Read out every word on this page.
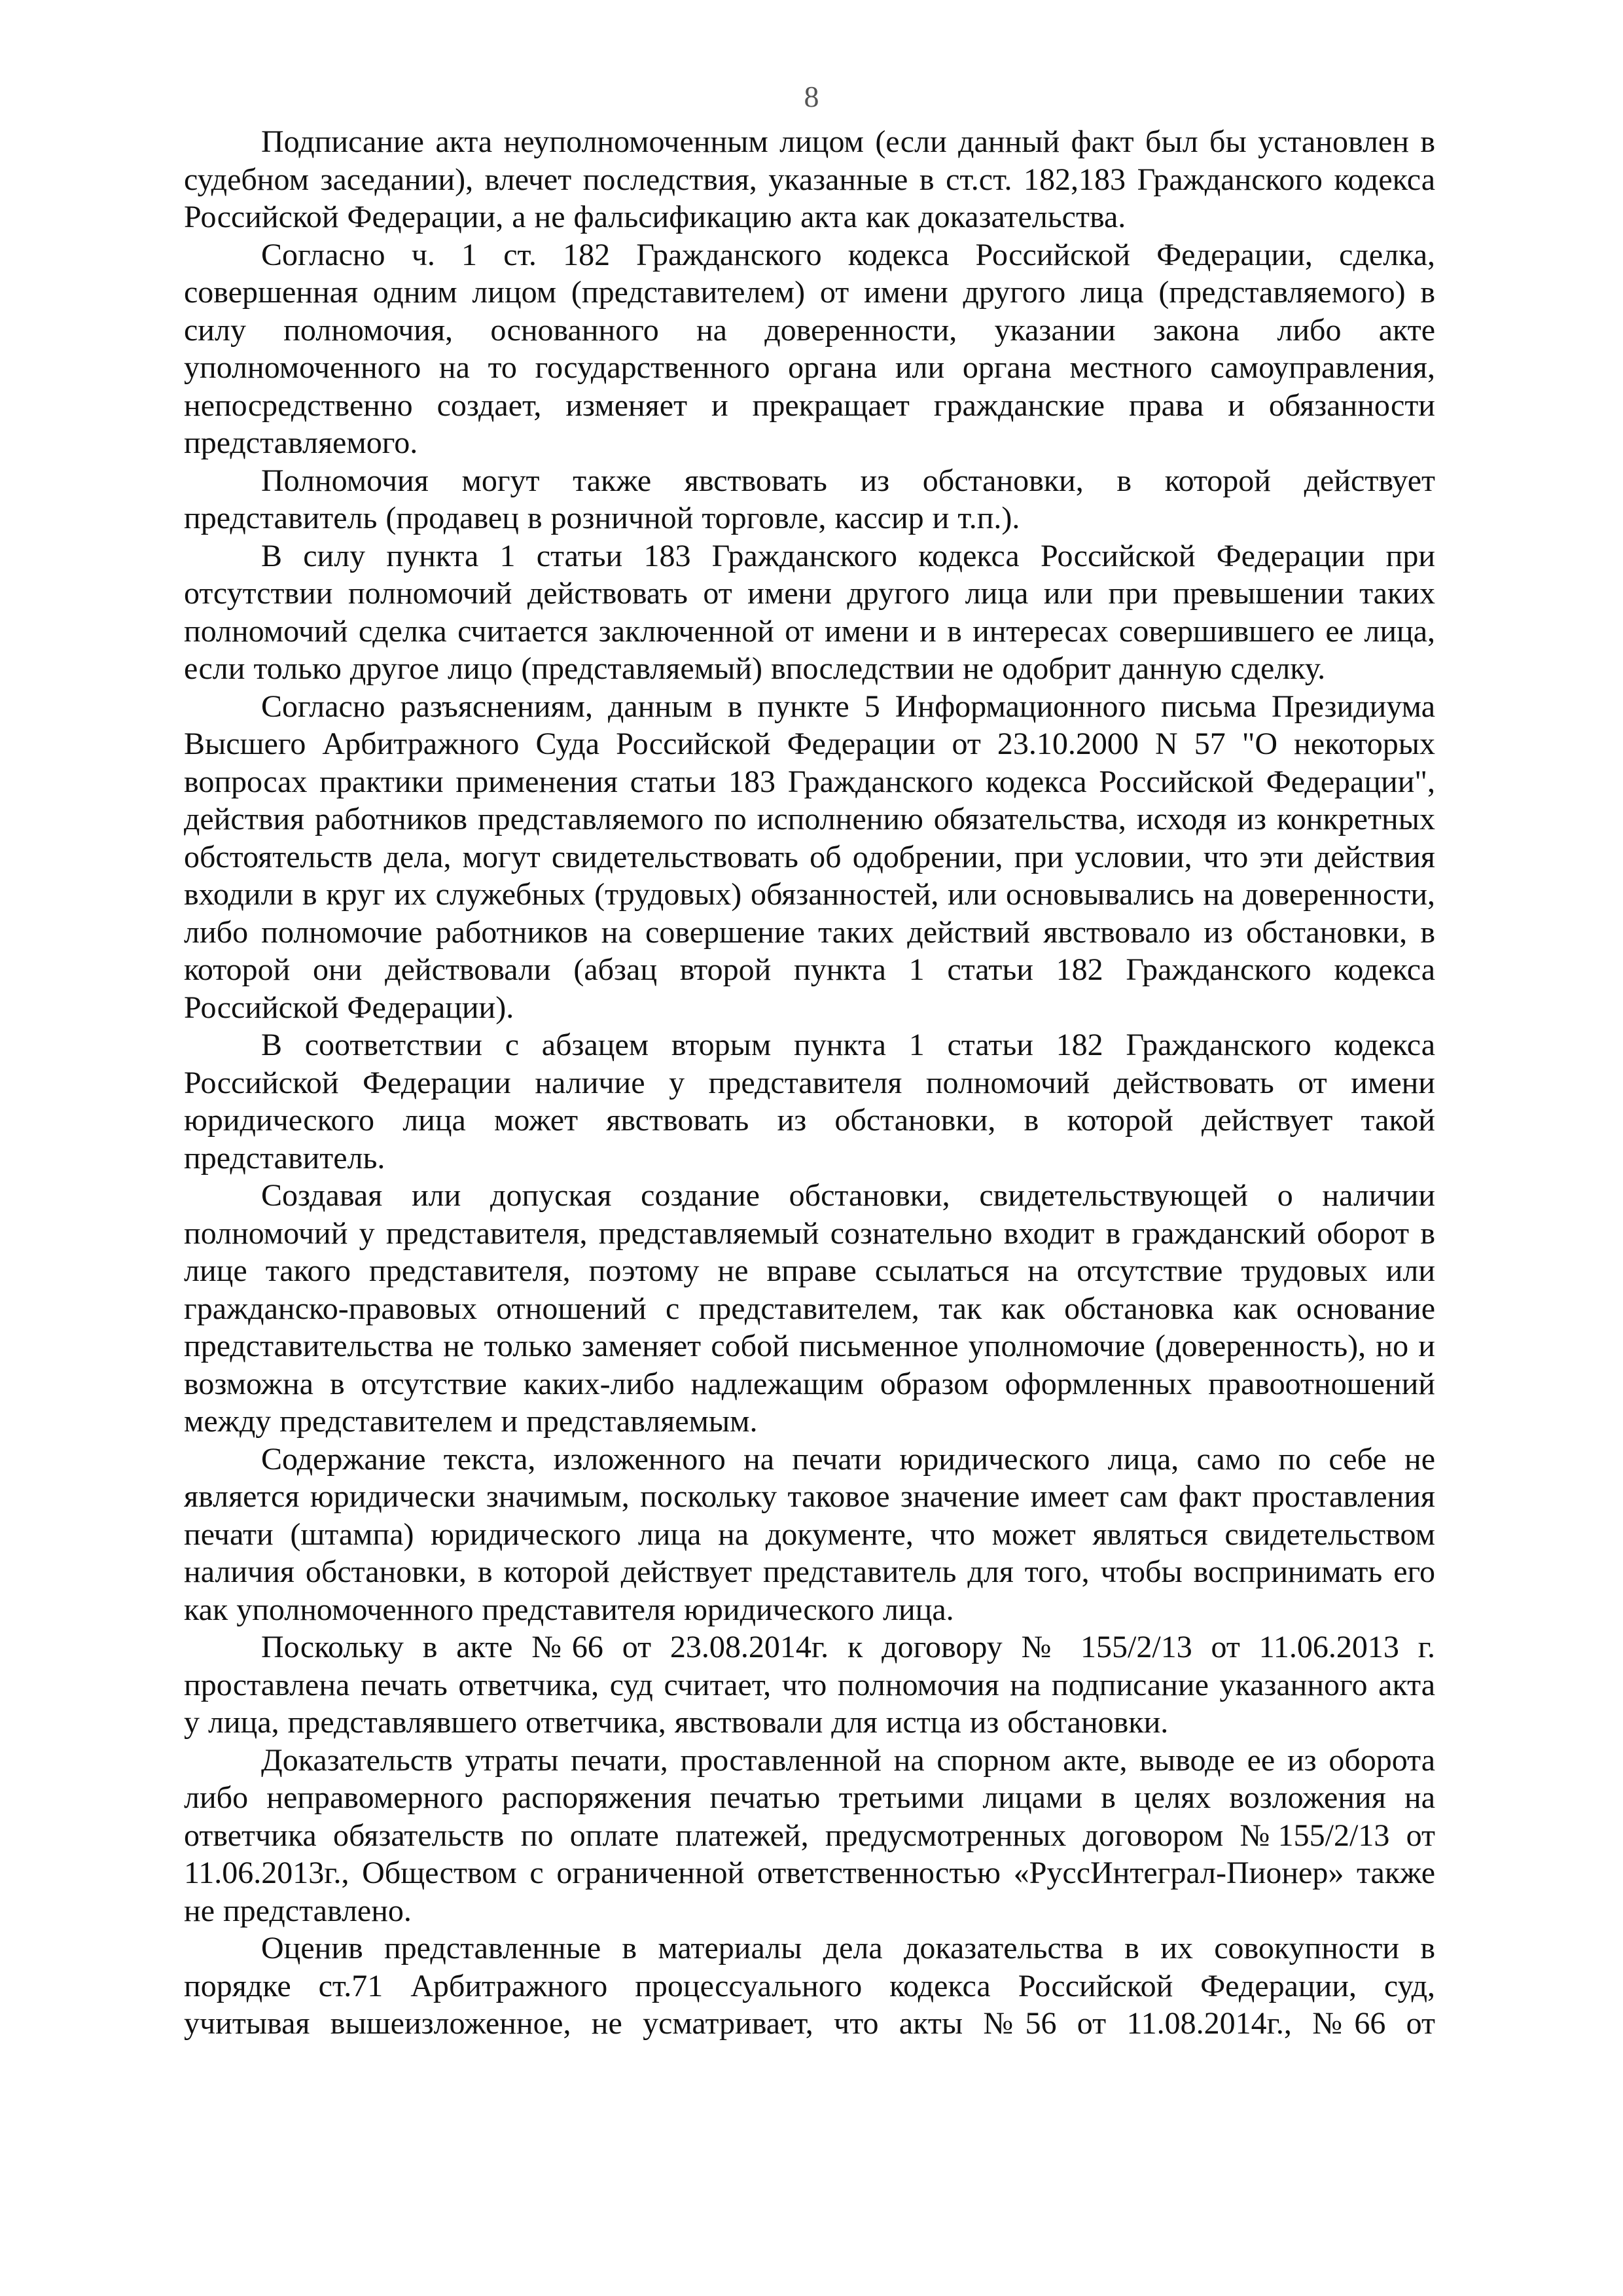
8

Подписание акта неуполномоченным лицом (если данный факт был бы установлен в судебном заседании), влечет последствия, указанные в ст.ст. 182,183 Гражданского кодекса Российской Федерации, а не фальсификацию акта как доказательства.

Согласно ч. 1 ст. 182 Гражданского кодекса Российской Федерации, сделка, совершенная одним лицом (представителем) от имени другого лица (представляемого) в силу полномочия, основанного на доверенности, указании закона либо акте уполномоченного на то государственного органа или органа местного самоуправления, непосредственно создает, изменяет и прекращает гражданские права и обязанности представляемого.

Полномочия могут также явствовать из обстановки, в которой действует представитель (продавец в розничной торговле, кассир и т.п.).

В силу пункта 1 статьи 183 Гражданского кодекса Российской Федерации при отсутствии полномочий действовать от имени другого лица или при превышении таких полномочий сделка считается заключенной от имени и в интересах совершившего ее лица, если только другое лицо (представляемый) впоследствии не одобрит данную сделку.

Согласно разъяснениям, данным в пункте 5 Информационного письма Президиума Высшего Арбитражного Суда Российской Федерации от 23.10.2000 N 57 "О некоторых вопросах практики применения статьи 183 Гражданского кодекса Российской Федерации", действия работников представляемого по исполнению обязательства, исходя из конкретных обстоятельств дела, могут свидетельствовать об одобрении, при условии, что эти действия входили в круг их служебных (трудовых) обязанностей, или основывались на доверенности, либо полномочие работников на совершение таких действий явствовало из обстановки, в которой они действовали (абзац второй пункта 1 статьи 182 Гражданского кодекса Российской Федерации).

В соответствии с абзацем вторым пункта 1 статьи 182 Гражданского кодекса Российской Федерации наличие у представителя полномочий действовать от имени юридического лица может явствовать из обстановки, в которой действует такой представитель.

Создавая или допуская создание обстановки, свидетельствующей о наличии полномочий у представителя, представляемый сознательно входит в гражданский оборот в лице такого представителя, поэтому не вправе ссылаться на отсутствие трудовых или гражданско-правовых отношений с представителем, так как обстановка как основание представительства не только заменяет собой письменное уполномочие (доверенность), но и возможна в отсутствие каких-либо надлежащим образом оформленных правоотношений между представителем и представляемым.

Содержание текста, изложенного на печати юридического лица, само по себе не является юридически значимым, поскольку таковое значение имеет сам факт проставления печати (штампа) юридического лица на документе, что может являться свидетельством наличия обстановки, в которой действует представитель для того, чтобы воспринимать его как уполномоченного представителя юридического лица.

Поскольку в акте №66 от 23.08.2014г. к договору № 155/2/13 от 11.06.2013 г. проставлена печать ответчика, суд считает, что полномочия на подписание указанного акта у лица, представлявшего ответчика, явствовали для истца из обстановки.

Доказательств утраты печати, проставленной на спорном акте, выводе ее из оборота либо неправомерного распоряжения печатью третьими лицами в целях возложения на ответчика обязательств по оплате платежей, предусмотренных договором №155/2/13 от 11.06.2013г., Обществом с ограниченной ответственностью «РуссИнтеграл-Пионер» также не представлено.

Оценив представленные в материалы дела доказательства в их совокупности в порядке ст.71 Арбитражного процессуального кодекса Российской Федерации, суд, учитывая вышеизложенное, не усматривает, что акты №56 от 11.08.2014г., №66 от
